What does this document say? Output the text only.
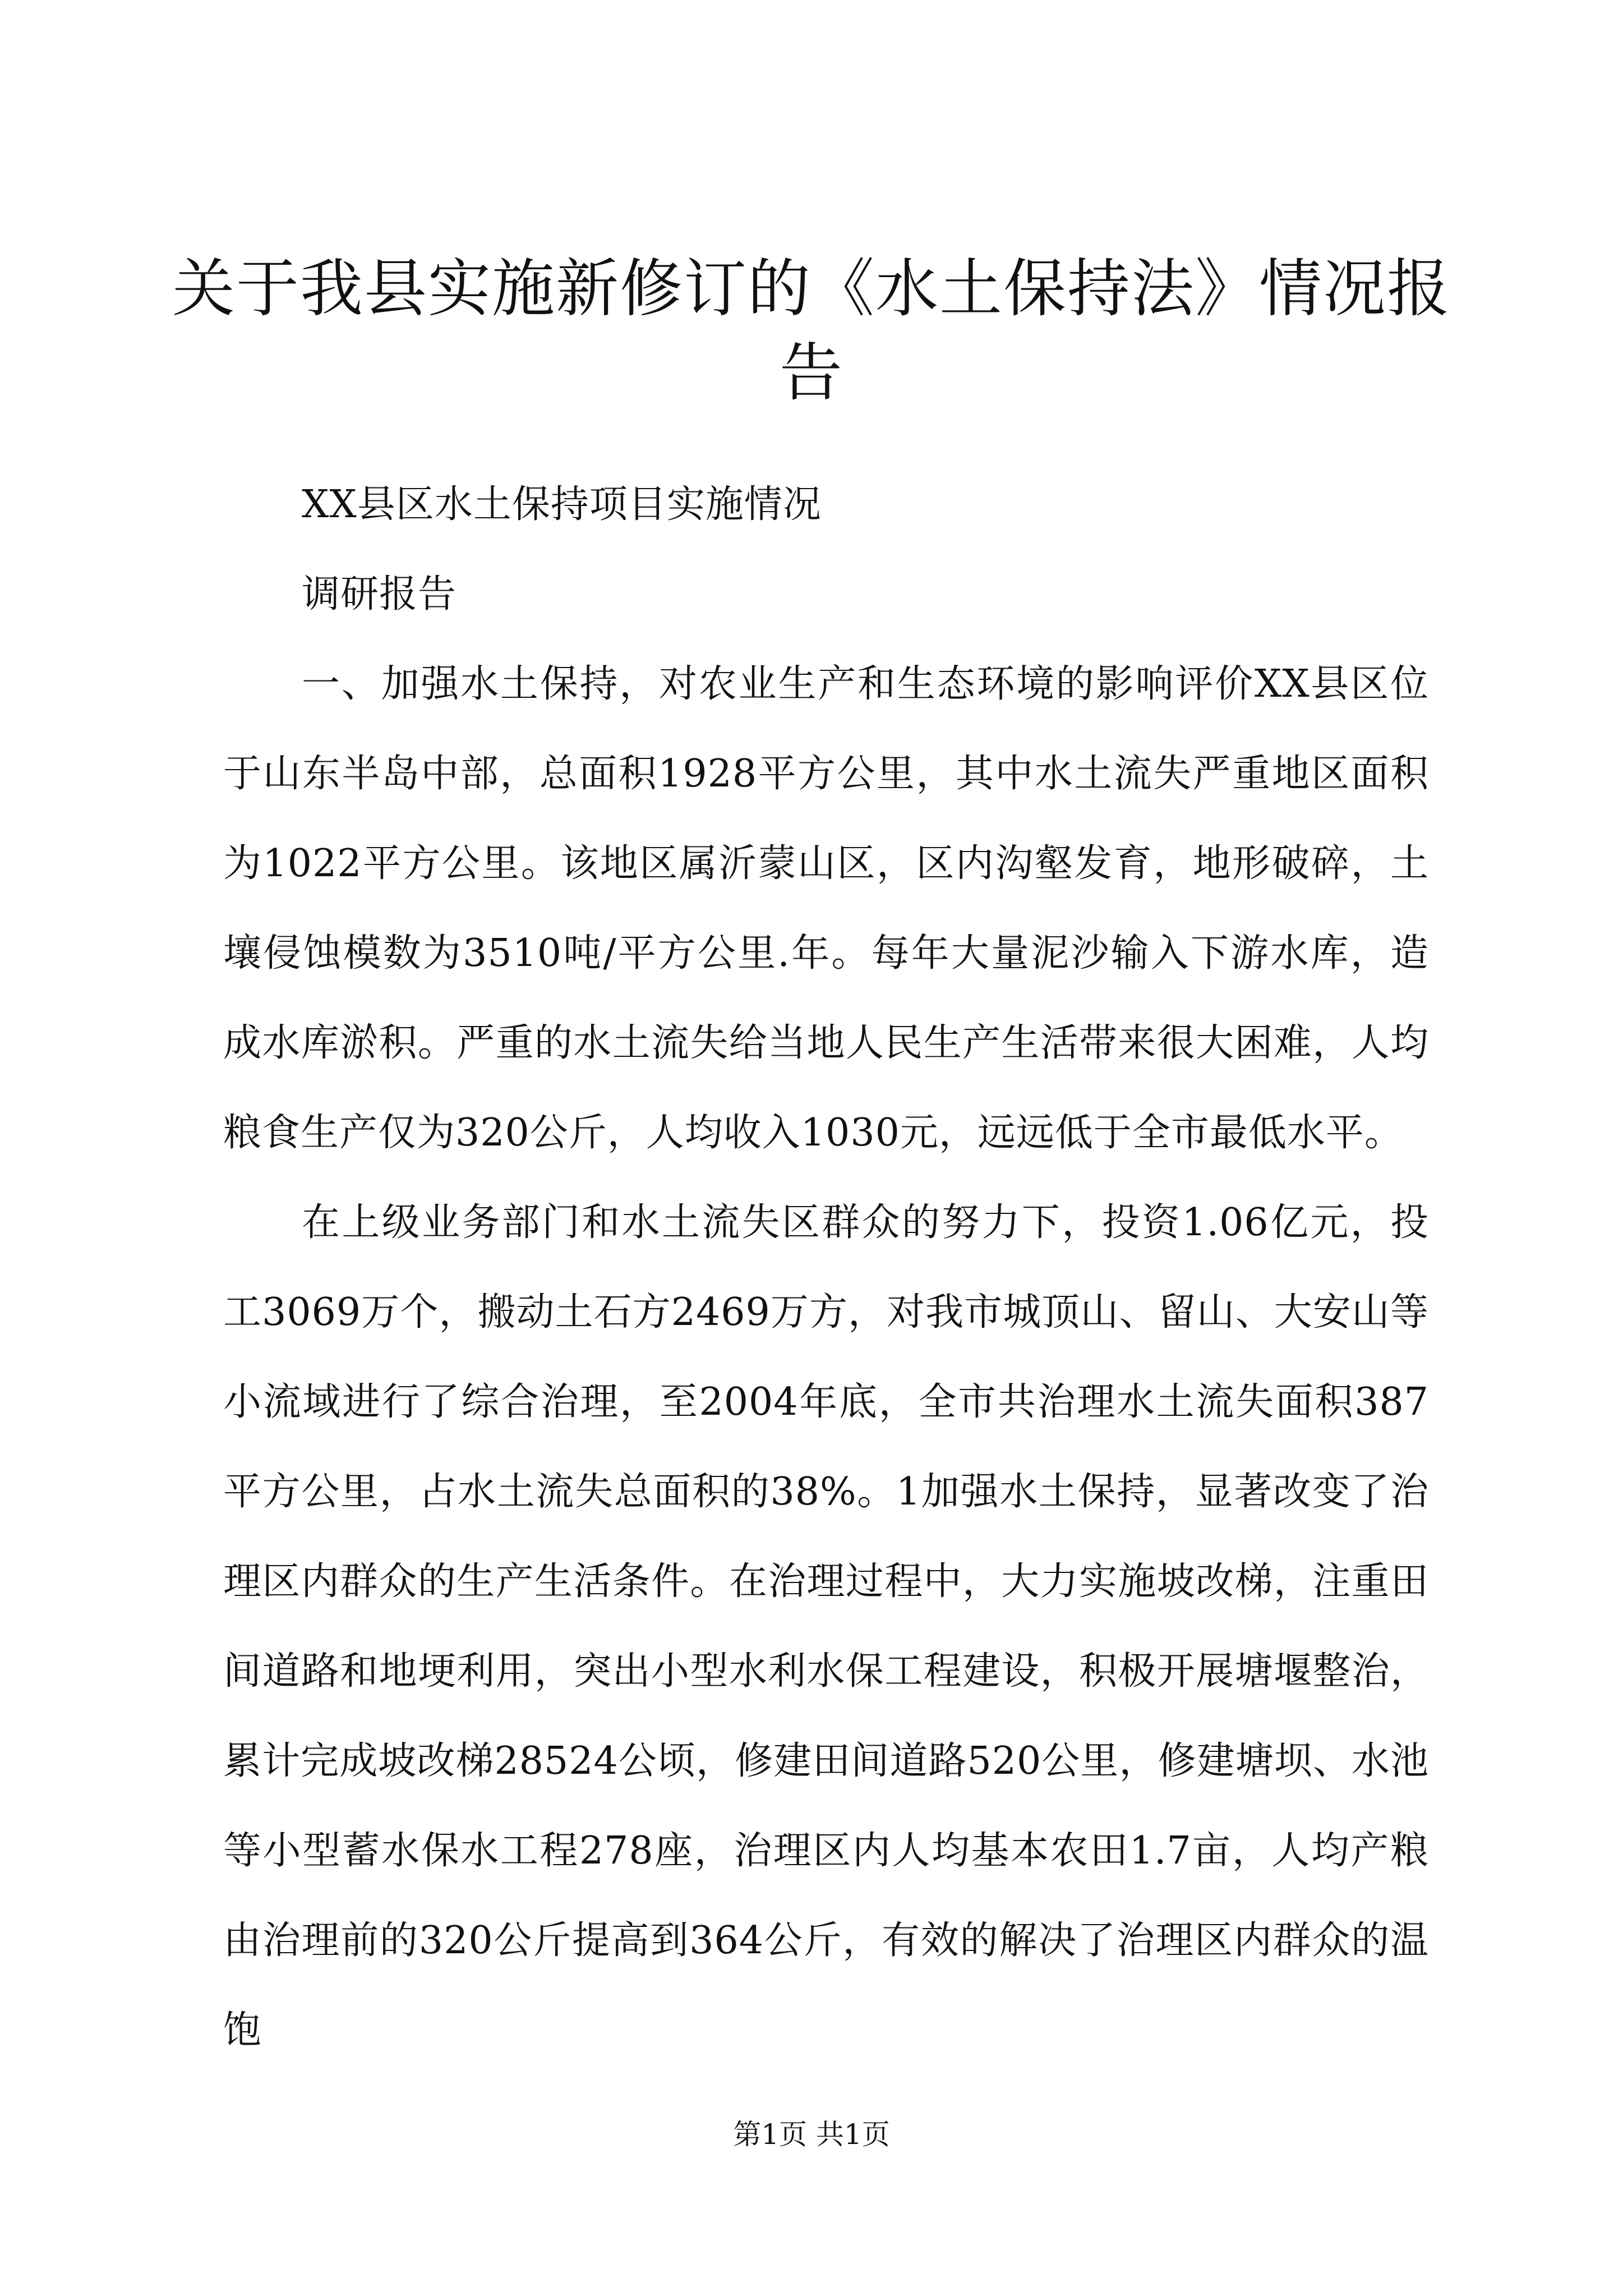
关于我县实施新修订的《水土保持法》情况报告

XX县区水土保持项目实施情况

调研报告

一、加强水土保持，对农业生产和生态环境的影响评价XX县区位于山东半岛中部，总面积1928平方公里，其中水土流失严重地区面积为1022平方公里。该地区属沂蒙山区，区内沟壑发育，地形破碎，土壤侵蚀模数为3510吨/平方公里.年。每年大量泥沙输入下游水库，造成水库淤积。严重的水土流失给当地人民生产生活带来很大困难，人均粮食生产仅为320公斤，人均收入1030元，远远低于全市最低水平。

在上级业务部门和水土流失区群众的努力下，投资1.06亿元，投工3069万个，搬动土石方2469万方，对我市城顶山、留山、大安山等小流域进行了综合治理，至2004年底，全市共治理水土流失面积387平方公里，占水土流失总面积的38%。1加强水土保持，显著改变了治理区内群众的生产生活条件。在治理过程中，大力实施坡改梯，注重田间道路和地埂利用，突出小型水利水保工程建设，积极开展塘堰整治，累计完成坡改梯28524公顷，修建田间道路520公里，修建塘坝、水池等小型蓄水保水工程278座，治理区内人均基本农田1.7亩，人均产粮由治理前的320公斤提高到364公斤，有效的解决了治理区内群众的温饱

第1页 共1页
